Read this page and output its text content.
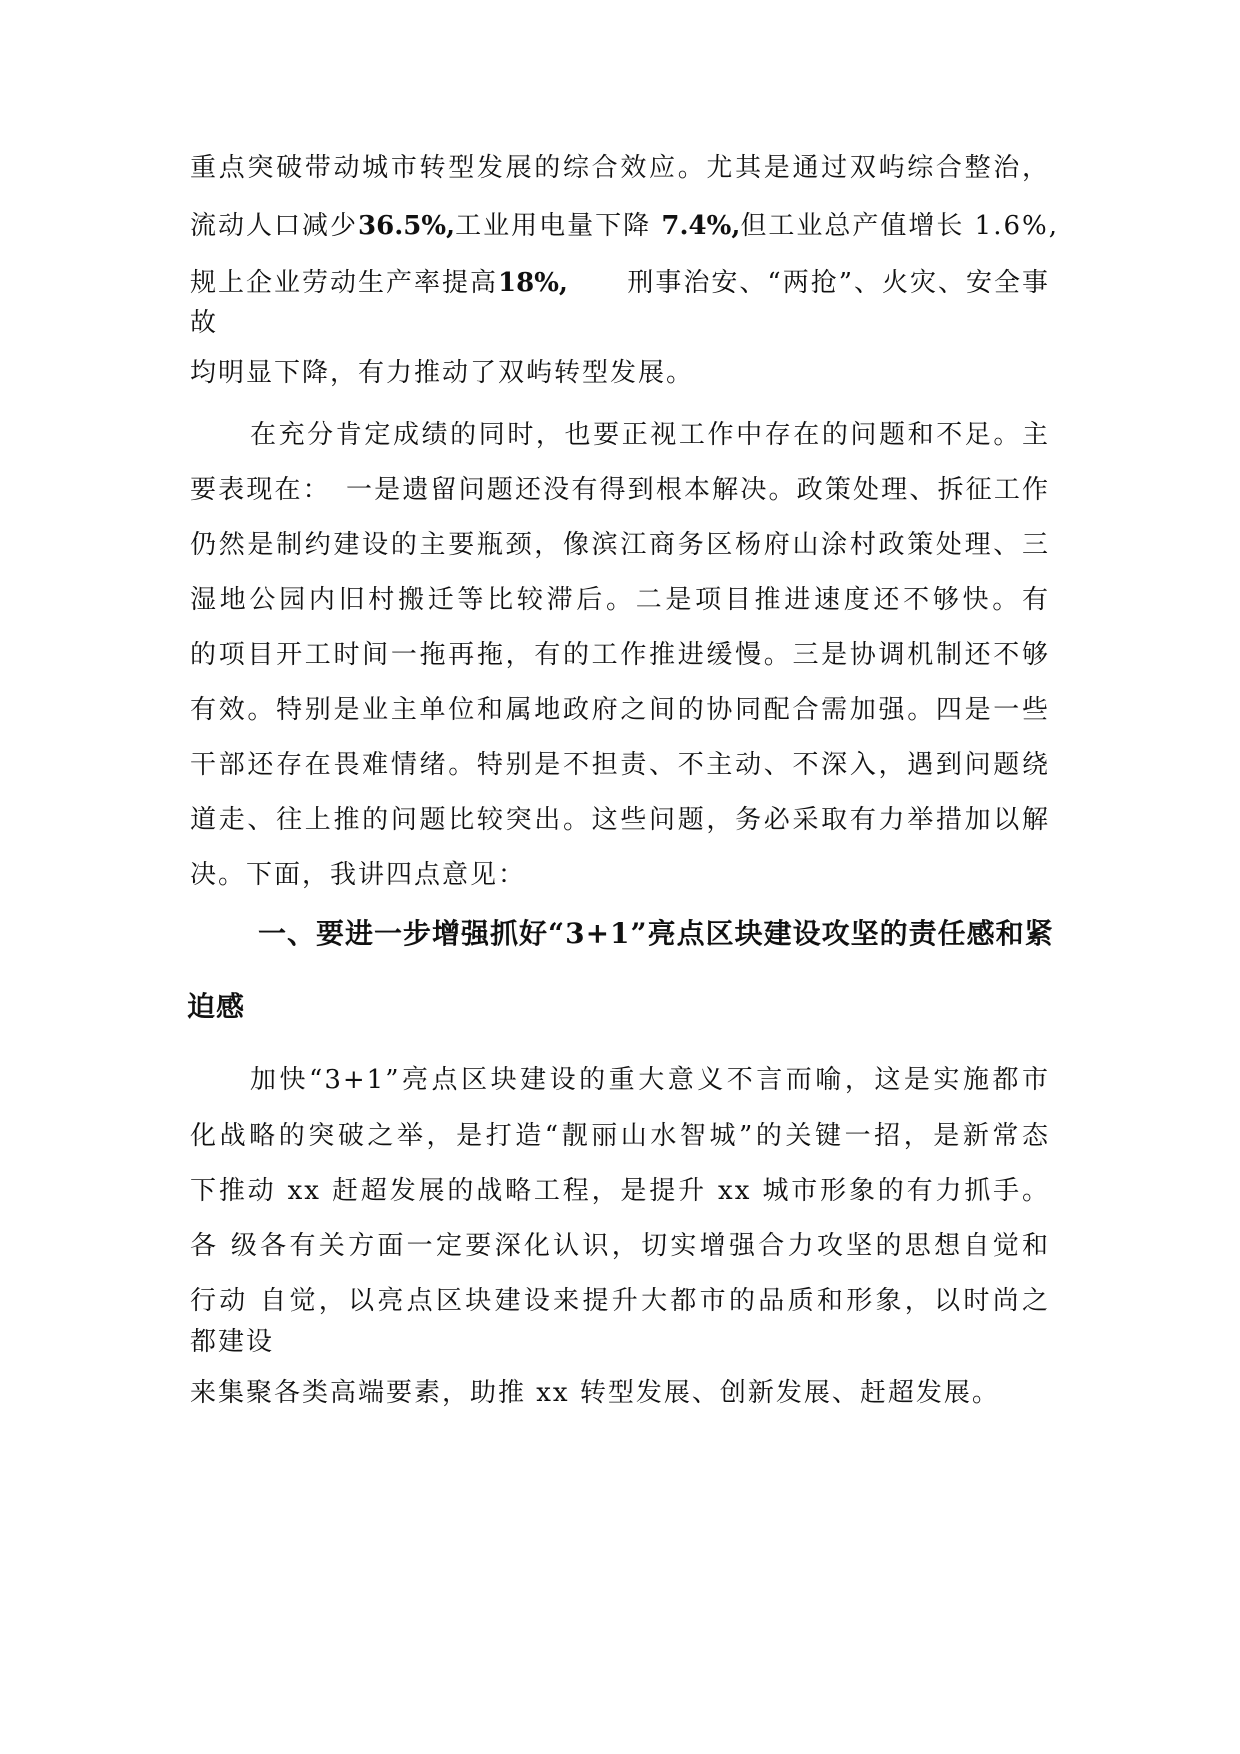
重点突破带动城市转型发展的综合效应。尤其是通过双屿综合整治，
流动人口减少36.5%, 工业用电量下降 7.4%, 但工业总产值增长 1.6%,
规上企业劳动生产率提高18%, 刑事治安、“两抢”、火灾、安全事
故
均明显下降，有力推动了双屿转型发展。
在充分肯定成绩的同时，也要正视工作中存在的问题和不足。主
要表现在：　一是遗留问题还没有得到根本解决。政策处理、拆征工作
仍然是制约建设的主要瓶颈，像滨江商务区杨府山涂村政策处理、三
湿地公园内旧村搬迁等比较滞后。二是项目推进速度还不够快。有
的项目开工时间一拖再拖，有的工作推进缓慢。三是协调机制还不够
有效。特别是业主单位和属地政府之间的协同配合需加强。四是一些
干部还存在畏难情绪。特别是不担责、不主动、不深入，遇到问题绕
道走、往上推的问题比较突出。这些问题，务必采取有力举措加以解
决。下面，我讲四点意见：
一、要进一步增强抓好“3+1”亮点区块建设攻坚的责任感和紧
迫感
加快“3+1”亮点区块建设的重大意义不言而喻，这是实施都市
化战略的突破之举，是打造“靓丽山水智城”的关键一招，是新常态
下推动 xx 赶超发展的战略工程，是提升 xx 城市形象的有力抓手。
各 级各有关方面一定要深化认识，切实增强合力攻坚的思想自觉和
行动 自觉，以亮点区块建设来提升大都市的品质和形象，以时尚之
都建设
来集聚各类高端要素，助推 xx 转型发展、创新发展、赶超发展。
